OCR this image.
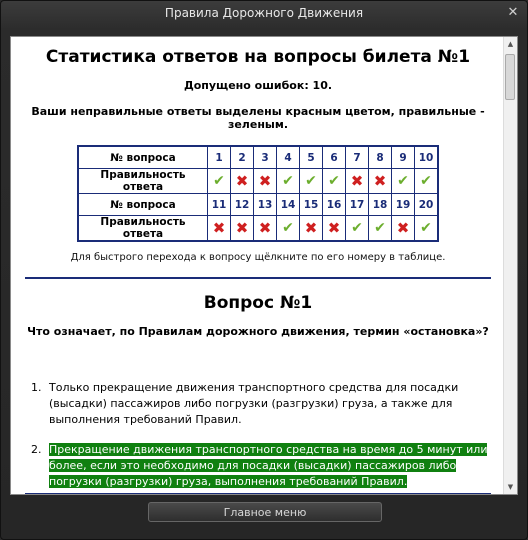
Правила Дорожного Движения	✕
Статистика ответов на вопросы билета №1
Допущено ошибок: 10.
Ваши неправильные ответы выделены красным цветом, правильные - зеленым.
№ вопроса	1	2	3	4	5	6	7	8	9	10
Правильность ответа	✔	✖	✖	✔	✔	✔	✖	✖	✔	✔
№ вопроса	11	12	13	14	15	16	17	18	19	20
Правильность ответа	✖	✖	✖	✔	✖	✖	✔	✔	✖	✔
Для быстрого перехода к вопросу щёлкните по его номеру в таблице.
Вопрос №1
Что означает, по Правилам дорожного движения, термин «остановка»?
1. Только прекращение движения транспортного средства для посадки (высадки) пассажиров либо погрузки (разгрузки) груза, а также для выполнения требований Правил.
2. Прекращение движения транспортного средства на время до 5 минут или более, если это необходимо для посадки (высадки) пассажиров либо погрузки (разгрузки) груза, выполнения требований Правил.
▲
▼
Главное меню
